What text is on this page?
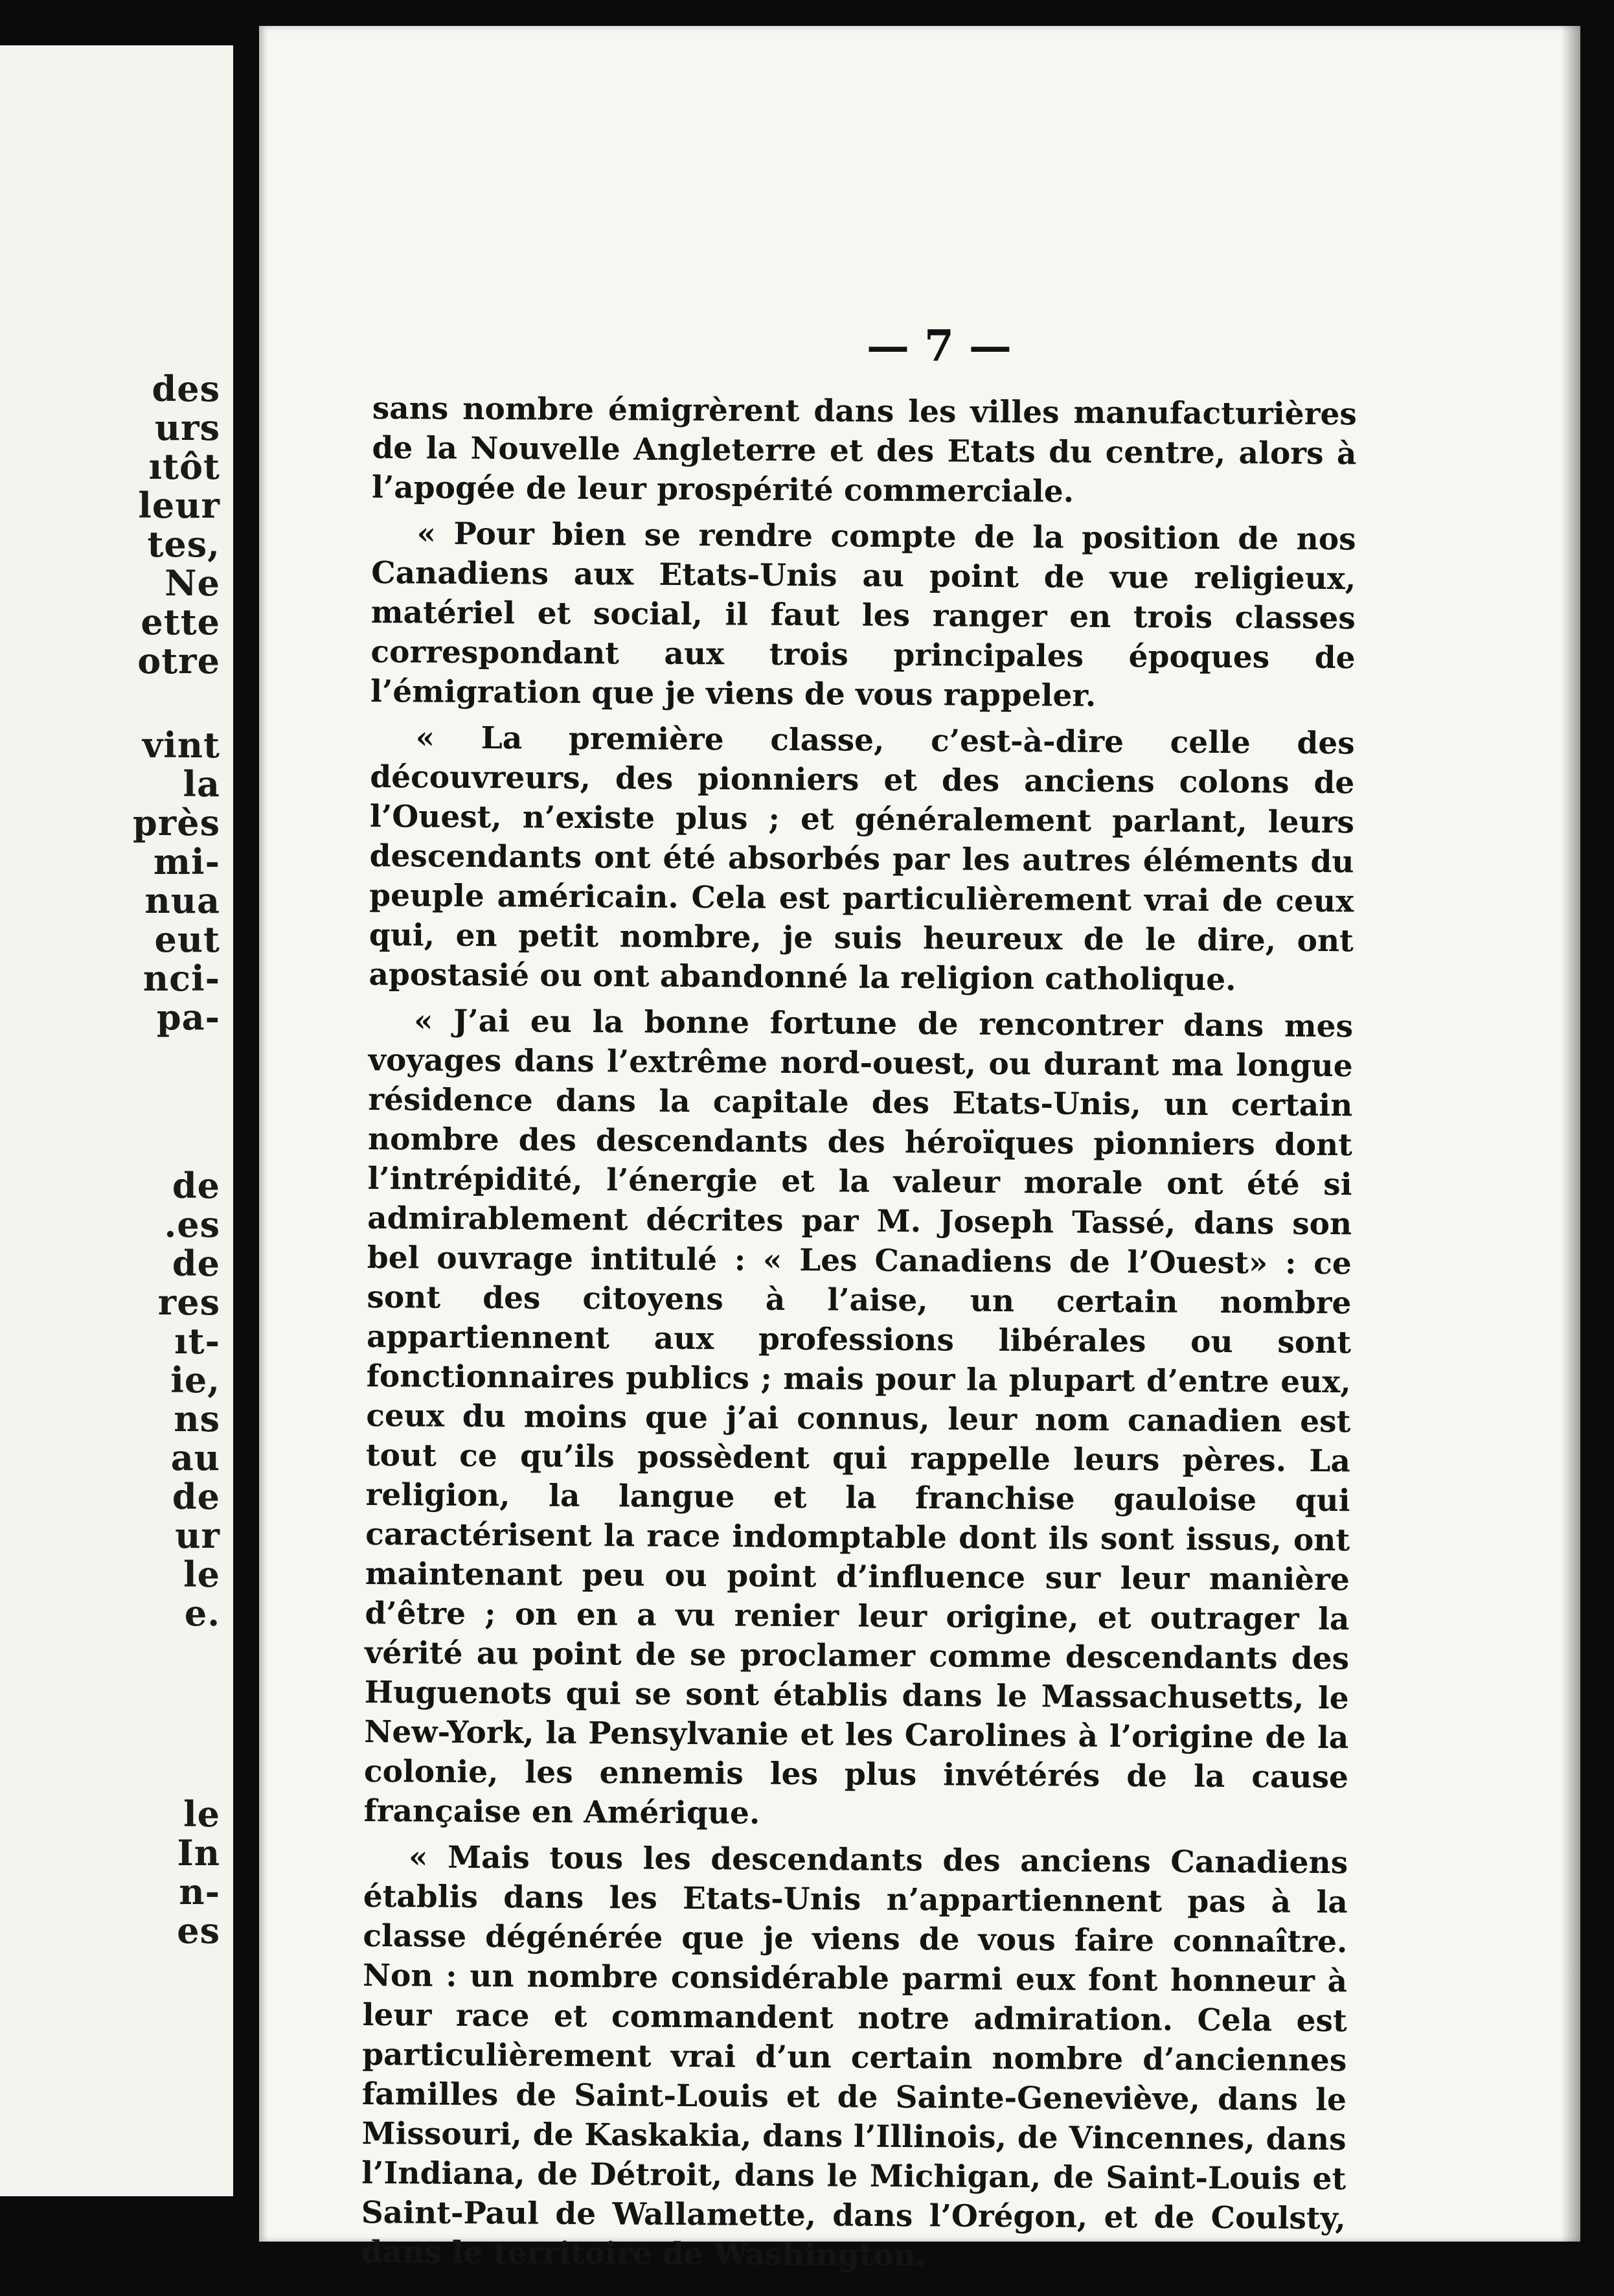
des
urs
ıtôt
leur
tes,
Ne
ette
otre
vint
la
près
mi-
nua
eut
nci-
pa-
de
.es
de
res
ıt-
ie,
ns
au
de
ur
le
e.
le
In
n-
es
— 7 —

sans nombre émigrèrent dans les villes manufacturières de la Nouvelle Angleterre et des Etats du centre, alors à l’apogée de leur prospérité commerciale.

« Pour bien se rendre compte de la position de nos Canadiens aux Etats-Unis au point de vue religieux, matériel et social, il faut les ranger en trois classes correspondant aux trois principales époques de l’émigration que je viens de vous rappeler.

« La première classe, c’est-à-dire celle des découvreurs, des pionniers et des anciens colons de l’Ouest, n’existe plus ; et généralement parlant, leurs descendants ont été absorbés par les autres éléments du peuple américain. Cela est particulièrement vrai de ceux qui, en petit nombre, je suis heureux de le dire, ont apostasié ou ont abandonné la religion catholique.

« J’ai eu la bonne fortune de rencontrer dans mes voyages dans l’extrême nord-ouest, ou durant ma longue résidence dans la capitale des Etats-Unis, un certain nombre des descendants des héroïques pionniers dont l’intrépidité, l’énergie et la valeur morale ont été si admirablement décrites par M. Joseph Tassé, dans son bel ouvrage intitulé : « Les Canadiens de l’Ouest» : ce sont des citoyens à l’aise, un certain nombre appartiennent aux professions libérales ou sont fonctionnaires publics ; mais pour la plupart d’entre eux, ceux du moins que j’ai connus, leur nom canadien est tout ce qu’ils possèdent qui rappelle leurs pères. La religion, la langue et la franchise gauloise qui caractérisent la race indomptable dont ils sont issus, ont maintenant peu ou point d’influence sur leur manière d’être ; on en a vu renier leur origine, et outrager la vérité au point de se proclamer comme descendants des Huguenots qui se sont établis dans le Massachusetts, le New-York, la Pensylvanie et les Carolines à l’origine de la colonie, les ennemis les plus invétérés de la cause française en Amérique.

« Mais tous les descendants des anciens Canadiens établis dans les Etats-Unis n’appartiennent pas à la classe dégénérée que je viens de vous faire connaître. Non : un nombre considérable parmi eux font honneur à leur race et commandent notre admiration. Cela est particulièrement vrai d’un certain nombre d’anciennes familles de Saint-Louis et de Sainte-Geneviève, dans le Missouri, de Kaskakia, dans l’Illinois, de Vincennes, dans l’Indiana, de Détroit, dans le Michigan, de Saint-Louis et Saint-Paul de Wallamette, dans l’Orégon, et de Coulsty, dans le territoire de Washington.
